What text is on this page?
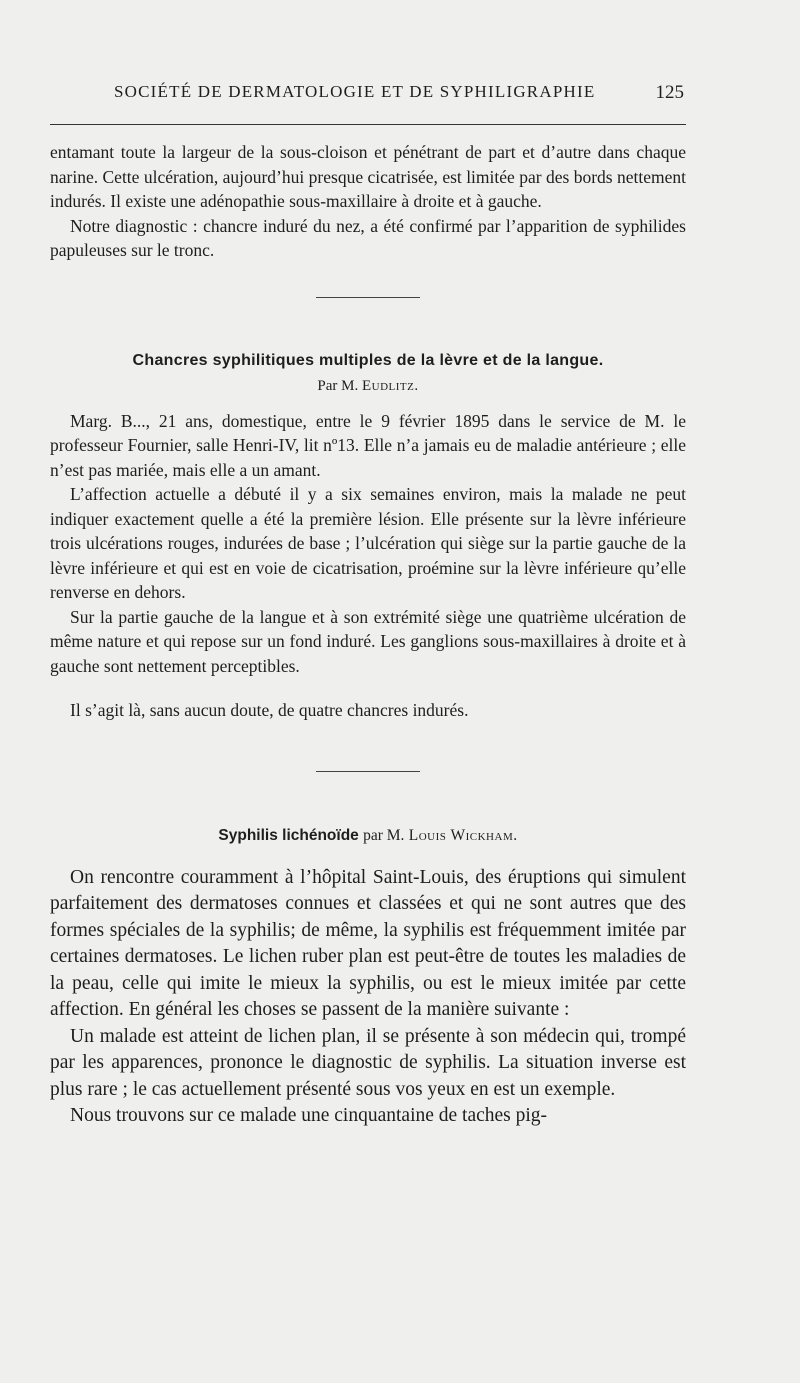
SOCIÉTÉ DE DERMATOLOGIE ET DE SYPHILIGRAPHIE	125

entamant toute la largeur de la sous-cloison et pénétrant de part et d’autre dans chaque narine. Cette ulcération, aujourd’hui presque cicatrisée, est limitée par des bords nettement indurés. Il existe une adénopathie sous-maxillaire à droite et à gauche.

Notre diagnostic : chancre induré du nez, a été confirmé par l’apparition de syphilides papuleuses sur le tronc.

Chancres syphilitiques multiples de la lèvre et de la langue.
Par M. Eudlitz.

Marg. B..., 21 ans, domestique, entre le 9 février 1895 dans le service de M. le professeur Fournier, salle Henri-IV, lit nº13. Elle n’a jamais eu de maladie antérieure ; elle n’est pas mariée, mais elle a un amant.

L’affection actuelle a débuté il y a six semaines environ, mais la malade ne peut indiquer exactement quelle a été la première lésion. Elle présente sur la lèvre inférieure trois ulcérations rouges, indurées de base ; l’ulcération qui siège sur la partie gauche de la lèvre inférieure et qui est en voie de cicatrisation, proémine sur la lèvre inférieure qu’elle renverse en dehors.

Sur la partie gauche de la langue et à son extrémité siège une quatrième ulcération de même nature et qui repose sur un fond induré. Les ganglions sous-maxillaires à droite et à gauche sont nettement perceptibles.

Il s’agit là, sans aucun doute, de quatre chancres indurés.

Syphilis lichénoïde par M. Louis Wickham.

On rencontre couramment à l’hôpital Saint-Louis, des éruptions qui simulent parfaitement des dermatoses connues et classées et qui ne sont autres que des formes spéciales de la syphilis; de même, la syphilis est fréquemment imitée par certaines dermatoses. Le lichen ruber plan est peut-être de toutes les maladies de la peau, celle qui imite le mieux la syphilis, ou est le mieux imitée par cette affection. En général les choses se passent de la manière suivante :

Un malade est atteint de lichen plan, il se présente à son médecin qui, trompé par les apparences, prononce le diagnostic de syphilis. La situation inverse est plus rare ; le cas actuellement présenté sous vos yeux en est un exemple.

Nous trouvons sur ce malade une cinquantaine de taches pig-
